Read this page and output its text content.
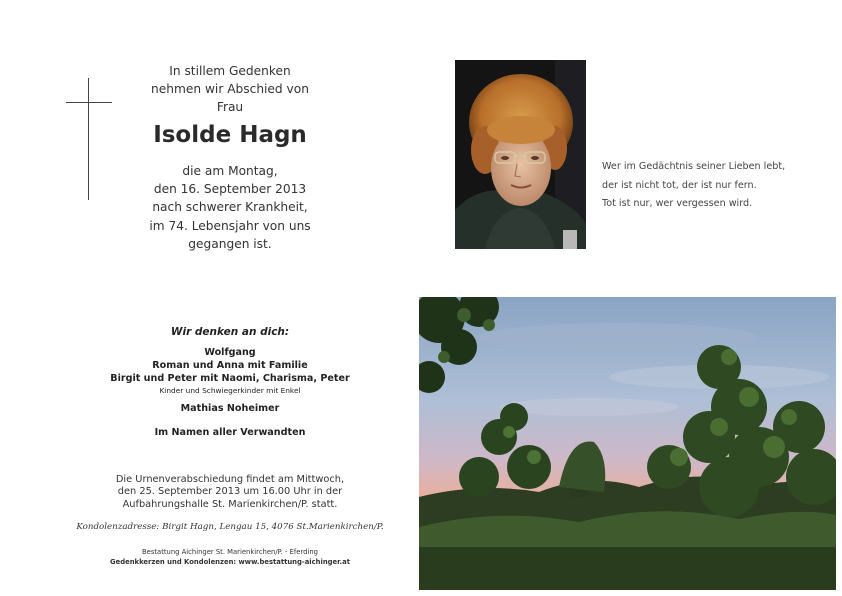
In stillem Gedenken
nehmen wir Abschied von
Frau
Isolde Hagn
die am Montag,
den 16. September 2013
nach schwerer Krankheit,
im 74. Lebensjahr von uns
gegangen ist.
Wer im Gedächtnis seiner Lieben lebt,
der ist nicht tot, der ist nur fern.
Tot ist nur, wer vergessen wird.
Wir denken an dich:
Wolfgang
Roman und Anna mit Familie
Birgit und Peter mit Naomi, Charisma, Peter
Kinder und Schwiegerkinder mit Enkel
Mathias Noheimer
Im Namen aller Verwandten
Die Urnenverabschiedung findet am Mittwoch,
den 25. September 2013 um 16.00 Uhr in der
Aufbahrungshalle St. Marienkirchen/P. statt.
Kondolenzadresse: Birgit Hagn, Lengau 15, 4076 St.Marienkirchen/P.
Bestattung Aichinger St. Marienkirchen/P. - Eferding
Gedenkkerzen und Kondolenzen: www.bestattung-aichinger.at
